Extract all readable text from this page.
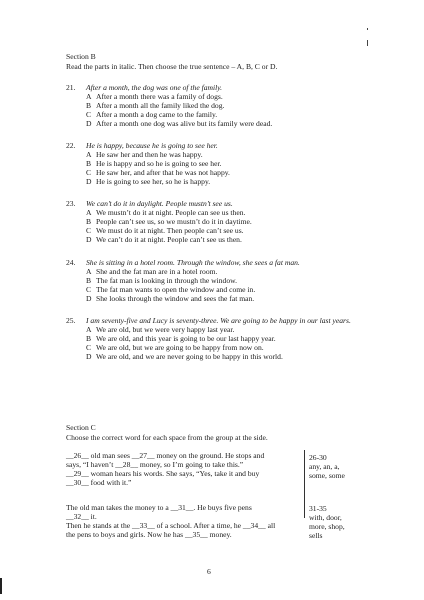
Section B
Read the parts in italic. Then choose the true sentence – A, B, C or D.
21.	After a month, the dog was one of the family.
A After a month there was a family of dogs.
B After a month all the family liked the dog.
C After a month a dog came to the family.
D After a month one dog was alive but its family were dead.
22.	He is happy, because he is going to see her.
A He saw her and then he was happy.
B He is happy and so he is going to see her.
C He saw her, and after that he was not happy.
D He is going to see her, so he is happy.
23.	We can’t do it in daylight. People mustn’t see us.
A We mustn’t do it at night. People can see us then.
B People can’t see us, so we mustn’t do it in daytime.
C We must do it at night. Then people can’t see us.
D We can’t do it at night. People can’t see us then.
24.	She is sitting in a hotel room. Through the window, she sees a fat man.
A She and the fat man are in a hotel room.
B The fat man is looking in through the window.
C The fat man wants to open the window and come in.
D She looks through the window and sees the fat man.
25.	I am seventy-five and Lucy is seventy-three. We are going to be happy in our last years.
A We are old, but we were very happy last year.
B We are old, and this year is going to be our last happy year.
C We are old, but we are going to be happy from now on.
D We are old, and we are never going to be happy in this world.
Section C
Choose the correct word for each space from the group at the side.

__26__ old man sees __27__ money on the ground. He stops and

says, “I haven’t __28__ money, so I’m going to take this.”

__29__ woman hears his words. She says, “Yes, take it and buy

__30__ food with it.”

The old man takes the money to a __31__. He buys five pens

__32__ it.

Then he stands at the __33__ of a school. After a time, he __34__ all

the pens to boys and girls. Now he has __35__ money.

26-30
any, an, a,
some, some
31-35
with, door,
more, shop,
sells
6
